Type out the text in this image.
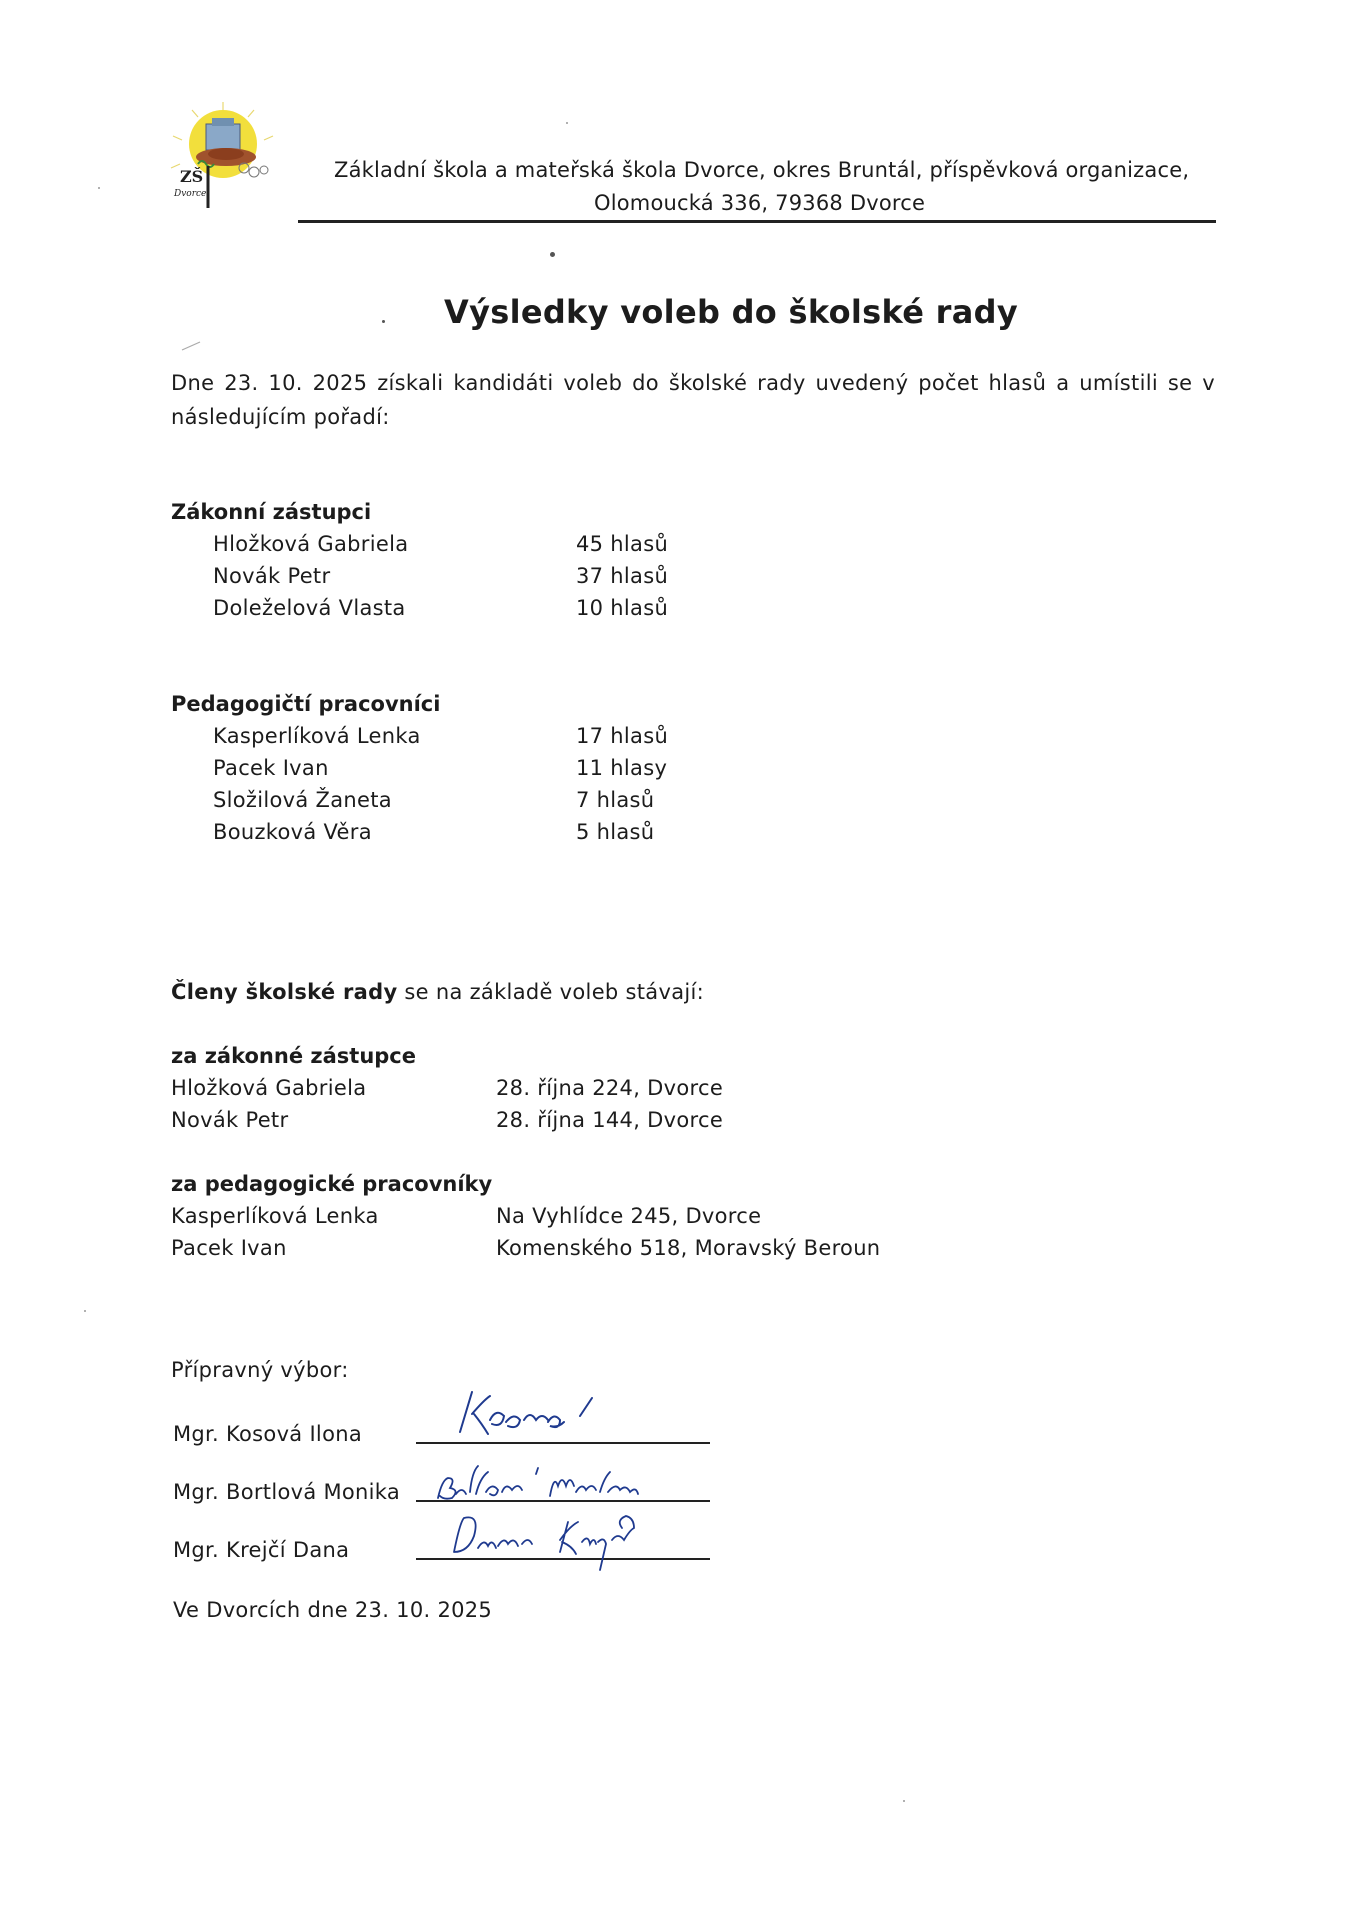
ZŠ
Dvorce
Základní škola a mateřská škola Dvorce, okres Bruntál, příspěvková organizace,
Olomoucká 336, 79368 Dvorce
Výsledky voleb do školské rady
Dne 23. 10. 2025 získali kandidáti voleb do školské rady uvedený počet hlasů a umístili se v následujícím pořadí:
Zákonní zástupci
Hložková Gabriela	45 hlasů
Novák Petr	37 hlasů
Doleželová Vlasta	10 hlasů
Pedagogičtí pracovníci
Kasperlíková Lenka	17 hlasů
Pacek Ivan	11 hlasy
Složilová Žaneta	7 hlasů
Bouzková Věra	5 hlasů
Členy školské rady se na základě voleb stávají:
za zákonné zástupce
Hložková Gabriela	28. října 224, Dvorce
Novák Petr	28. října 144, Dvorce
za pedagogické pracovníky
Kasperlíková Lenka	Na Vyhlídce 245, Dvorce
Pacek Ivan	Komenského 518, Moravský Beroun
Přípravný výbor:
Mgr. Kosová Ilona
Mgr. Bortlová Monika
Mgr. Krejčí Dana
Ve Dvorcích dne 23. 10. 2025
